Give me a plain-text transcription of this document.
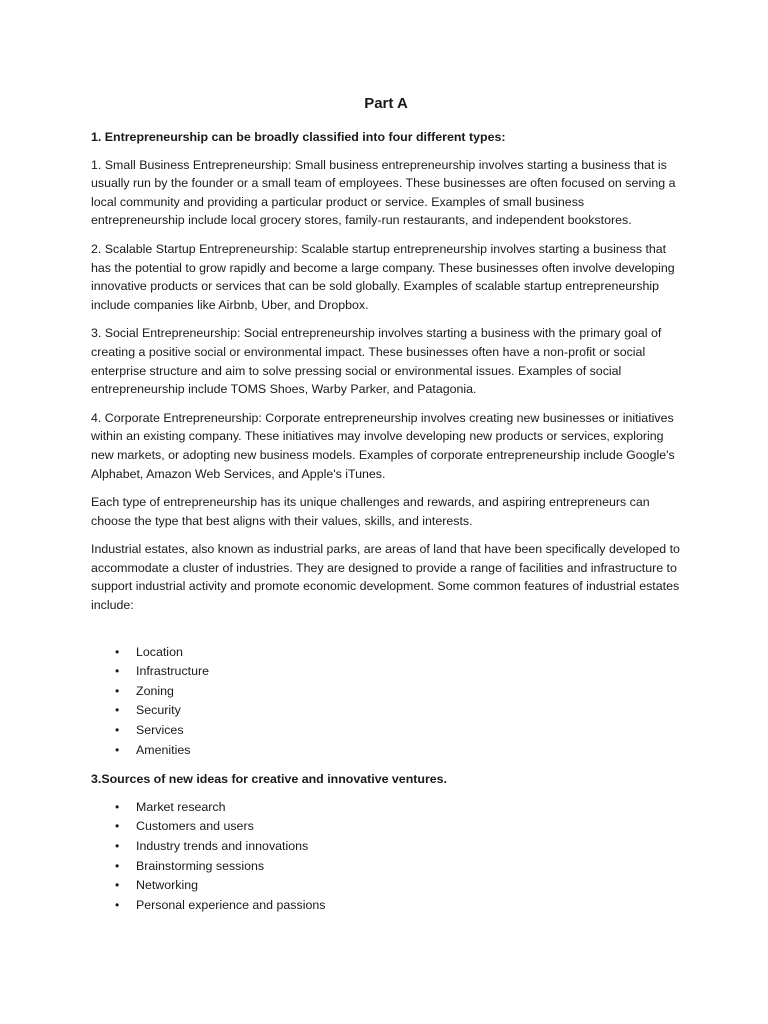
Part A
1. Entrepreneurship can be broadly classified into four different types:

1. Small Business Entrepreneurship: Small business entrepreneurship involves starting a business that is usually run by the founder or a small team of employees. These businesses are often focused on serving a local community and providing a particular product or service. Examples of small business entrepreneurship include local grocery stores, family-run restaurants, and independent bookstores.

2. Scalable Startup Entrepreneurship: Scalable startup entrepreneurship involves starting a business that has the potential to grow rapidly and become a large company. These businesses often involve developing innovative products or services that can be sold globally. Examples of scalable startup entrepreneurship include companies like Airbnb, Uber, and Dropbox.

3. Social Entrepreneurship: Social entrepreneurship involves starting a business with the primary goal of creating a positive social or environmental impact. These businesses often have a non-profit or social enterprise structure and aim to solve pressing social or environmental issues. Examples of social entrepreneurship include TOMS Shoes, Warby Parker, and Patagonia.

4. Corporate Entrepreneurship: Corporate entrepreneurship involves creating new businesses or initiatives within an existing company. These initiatives may involve developing new products or services, exploring new markets, or adopting new business models. Examples of corporate entrepreneurship include Google's Alphabet, Amazon Web Services, and Apple's iTunes.

Each type of entrepreneurship has its unique challenges and rewards, and aspiring entrepreneurs can choose the type that best aligns with their values, skills, and interests.

Industrial estates, also known as industrial parks, are areas of land that have been specifically developed to accommodate a cluster of industries. They are designed to provide a range of facilities and infrastructure to support industrial activity and promote economic development. Some common features of industrial estates include:

• Location
• Infrastructure
• Zoning
• Security
• Services
• Amenities
3.Sources of new ideas for creative and innovative ventures.
• Market research
• Customers and users
• Industry trends and innovations
• Brainstorming sessions
• Networking
• Personal experience and passions
